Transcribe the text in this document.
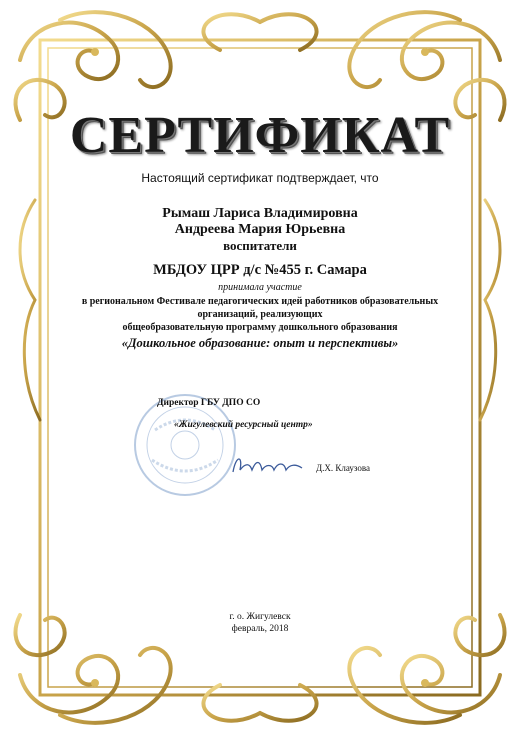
СЕРТИФИКАТ

Настоящий сертификат подтверждает, что

Рымаш Лариса Владимировна

Андреева Мария Юрьевна

воспитатели

МБДОУ ЦРР д/с №455 г. Самара

принимала участие

в региональном Фестивале педагогических идей работников образовательных

организаций, реализующих

общеобразовательную программу дошкольного образования

«Дошкольное образование: опыт и перспективы»

Директор ГБУ ДПО СО

«Жигулевский ресурсный центр»

Д.Х. Клаузова

г. о. Жигулевск

февраль, 2018
